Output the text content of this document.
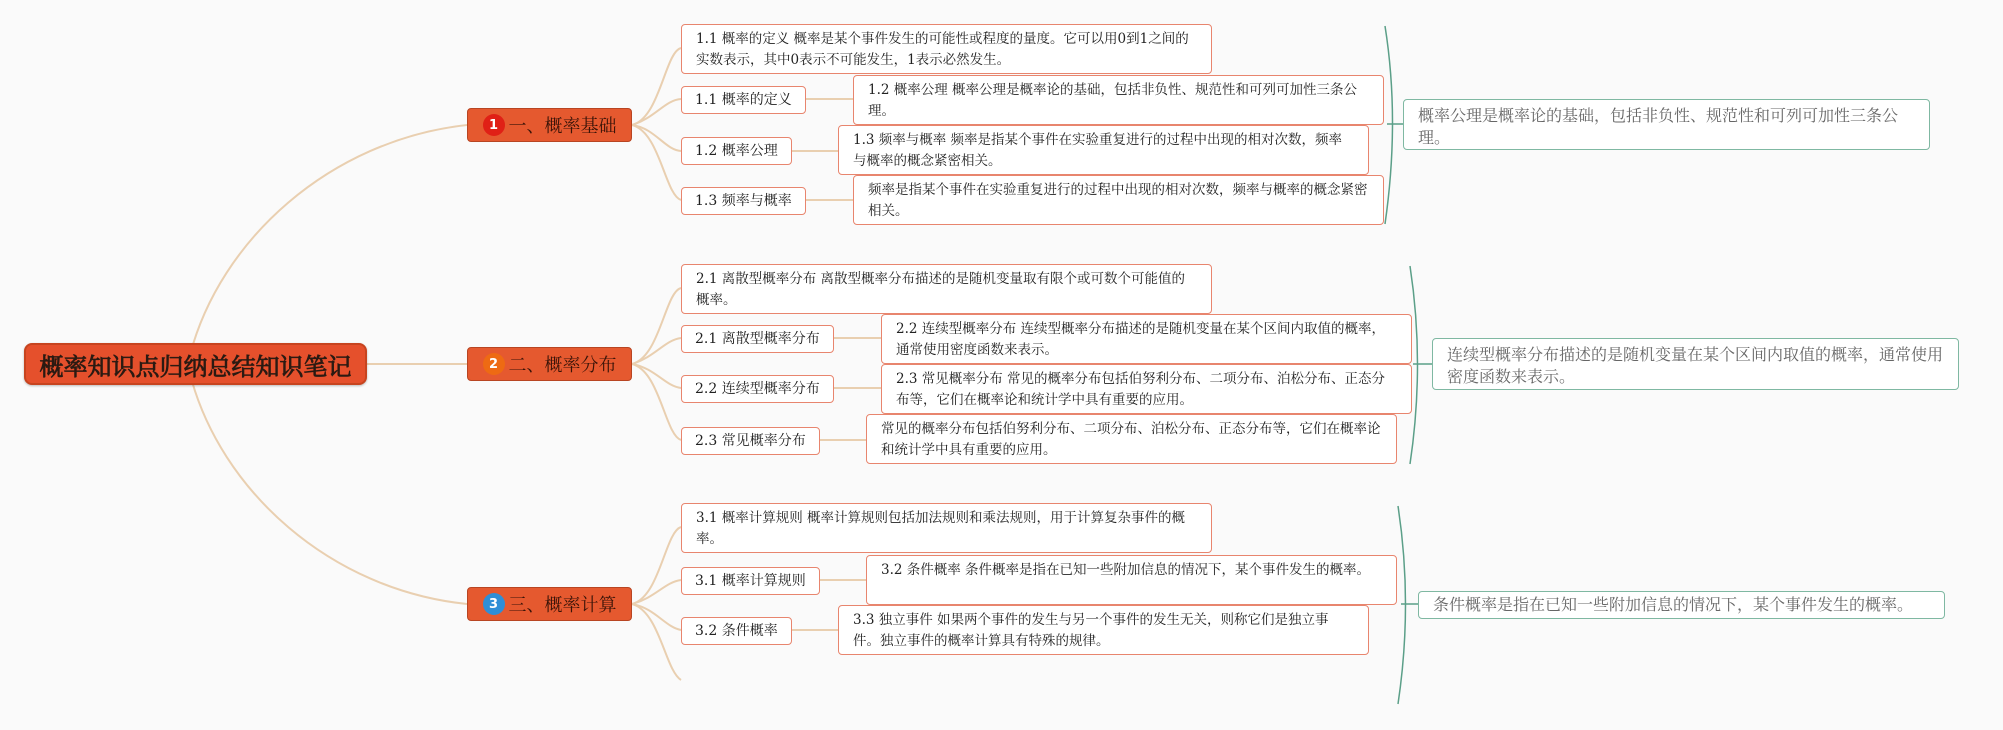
概率知识点归纳总结知识笔记
1 一、概率基础
1.1 概率的定义
1.2 概率公理
1.3 频率与概率
1.1 概率的定义 概率是某个事件发生的可能性或程度的量度。它可以用0到1之间的实数表示，其中0表示不可能发生，1表示必然发生。
1.2 概率公理 概率公理是概率论的基础，包括非负性、规范性和可列可加性三条公理。
1.3 频率与概率 频率是指某个事件在实验重复进行的过程中出现的相对次数，频率与概率的概念紧密相关。
频率是指某个事件在实验重复进行的过程中出现的相对次数，频率与概率的概念紧密相关。
概率公理是概率论的基础，包括非负性、规范性和可列可加性三条公理。
2 二、概率分布
2.1 离散型概率分布
2.2 连续型概率分布
2.3 常见概率分布
2.1 离散型概率分布 离散型概率分布描述的是随机变量取有限个或可数个可能值的概率。
2.2 连续型概率分布 连续型概率分布描述的是随机变量在某个区间内取值的概率，通常使用密度函数来表示。
2.3 常见概率分布 常见的概率分布包括伯努利分布、二项分布、泊松分布、正态分布等，它们在概率论和统计学中具有重要的应用。
常见的概率分布包括伯努利分布、二项分布、泊松分布、正态分布等，它们在概率论和统计学中具有重要的应用。
连续型概率分布描述的是随机变量在某个区间内取值的概率，通常使用密度函数来表示。
3 三、概率计算
3.1 概率计算规则
3.2 条件概率
3.1 概率计算规则 概率计算规则包括加法规则和乘法规则，用于计算复杂事件的概率。
3.2 条件概率 条件概率是指在已知一些附加信息的情况下，某个事件发生的概率。
3.3 独立事件 如果两个事件的发生与另一个事件的发生无关，则称它们是独立事件。独立事件的概率计算具有特殊的规律。
条件概率是指在已知一些附加信息的情况下，某个事件发生的概率。
